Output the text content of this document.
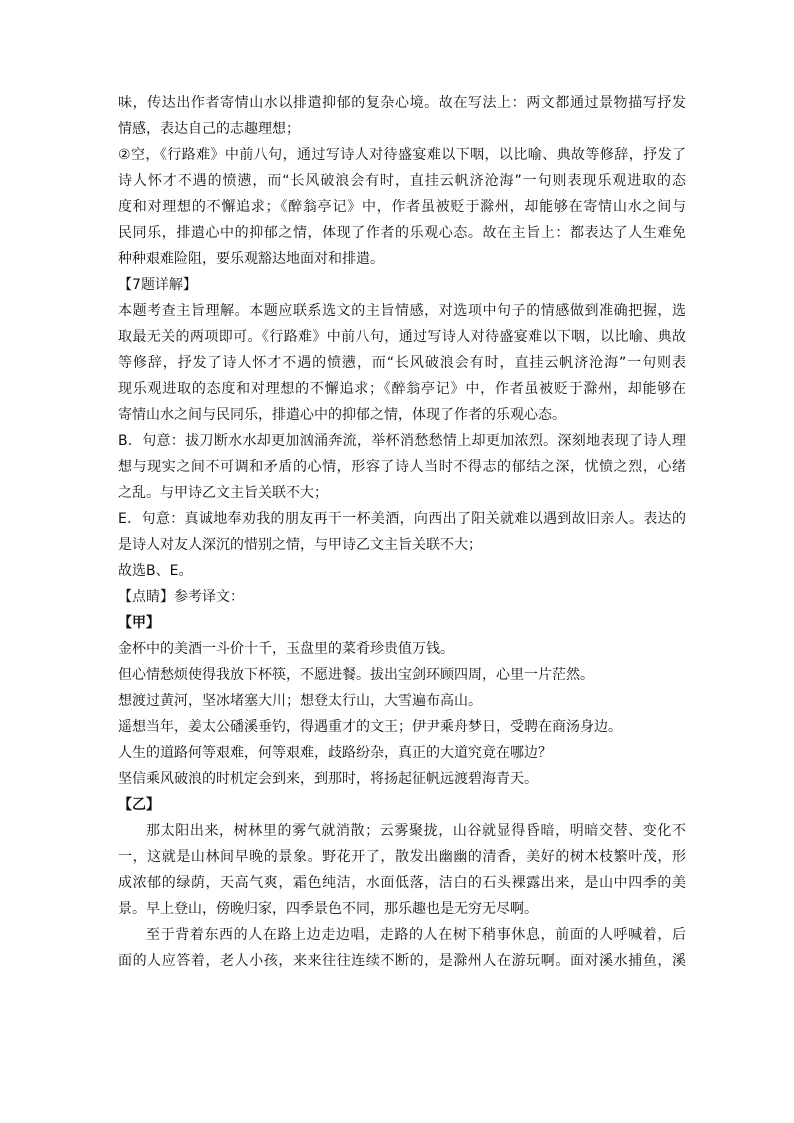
味，传达出作者寄情山水以排遣抑郁的复杂心境。故在写法上：两文都通过景物描写抒发
情感，表达自己的志趣理想；
②空，《行路难》中前八句，通过写诗人对待盛宴难以下咽，以比喻、典故等修辞，抒发了
诗人怀才不遇的愤懑，而“长风破浪会有时，直挂云帆济沧海”一句则表现乐观进取的态
度和对理想的不懈追求；《醉翁亭记》中，作者虽被贬于滁州，却能够在寄情山水之间与
民同乐，排遣心中的抑郁之情，体现了作者的乐观心态。故在主旨上：都表达了人生难免
种种艰难险阻，要乐观豁达地面对和排遣。
【7题详解】
本题考查主旨理解。本题应联系选文的主旨情感，对选项中句子的情感做到准确把握，选
取最无关的两项即可。《行路难》中前八句，通过写诗人对待盛宴难以下咽，以比喻、典故
等修辞，抒发了诗人怀才不遇的愤懑，而“长风破浪会有时，直挂云帆济沧海”一句则表
现乐观进取的态度和对理想的不懈追求；《醉翁亭记》中，作者虽被贬于滁州，却能够在
寄情山水之间与民同乐，排遣心中的抑郁之情，体现了作者的乐观心态。
B．句意：拔刀断水水却更加汹涌奔流，举杯消愁愁情上却更加浓烈。深刻地表现了诗人理
想与现实之间不可调和矛盾的心情，形容了诗人当时不得志的郁结之深，忧愤之烈，心绪
之乱。与甲诗乙文主旨关联不大；
E．句意：真诚地奉劝我的朋友再干一杯美酒，向西出了阳关就难以遇到故旧亲人。表达的
是诗人对友人深沉的惜别之情，与甲诗乙文主旨关联不大；
故选B、E。
【点睛】参考译文：
【甲】
金杯中的美酒一斗价十千，玉盘里的菜肴珍贵值万钱。
但心情愁烦使得我放下杯筷，不愿进餐。拔出宝剑环顾四周，心里一片茫然。
想渡过黄河，坚冰堵塞大川；想登太行山，大雪遍布高山。
遥想当年，姜太公磻溪垂钓，得遇重才的文王；伊尹乘舟梦日，受聘在商汤身边。
人生的道路何等艰难，何等艰难，歧路纷杂，真正的大道究竟在哪边？
坚信乘风破浪的时机定会到来，到那时，将扬起征帆远渡碧海青天。
【乙】
那太阳出来，树林里的雾气就消散；云雾聚拢，山谷就显得昏暗，明暗交替、变化不
一，这就是山林间早晚的景象。野花开了，散发出幽幽的清香，美好的树木枝繁叶茂，形
成浓郁的绿荫，天高气爽，霜色纯洁，水面低落，洁白的石头裸露出来，是山中四季的美
景。早上登山，傍晚归家，四季景色不同，那乐趣也是无穷无尽啊。
至于背着东西的人在路上边走边唱，走路的人在树下稍事休息，前面的人呼喊着，后
面的人应答着，老人小孩，来来往往连续不断的，是滁州人在游玩啊。面对溪水捕鱼，溪
